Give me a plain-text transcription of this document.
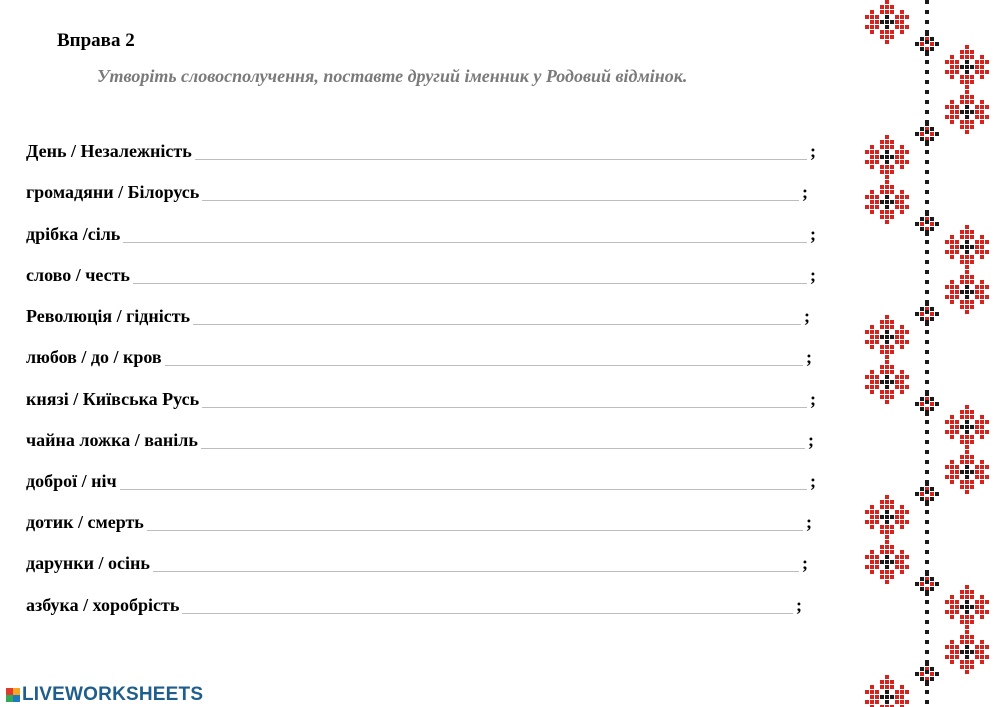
Вправа 2
Утворіть словосполучення, поставте другий іменник у Родовий відмінок.
День / Незалежність	;
громадяни / Білорусь	;
дрібка /сіль	;
слово / честь	;
Революція / гідність	;
любов / до / кров	;
князі / Київська Русь	;
чайна ложка / ваніль	;
доброї / ніч	;
дотик / смерть	;
дарунки / осінь	;
азбука / хоробрість	;
LIVEWORKSHEETS
